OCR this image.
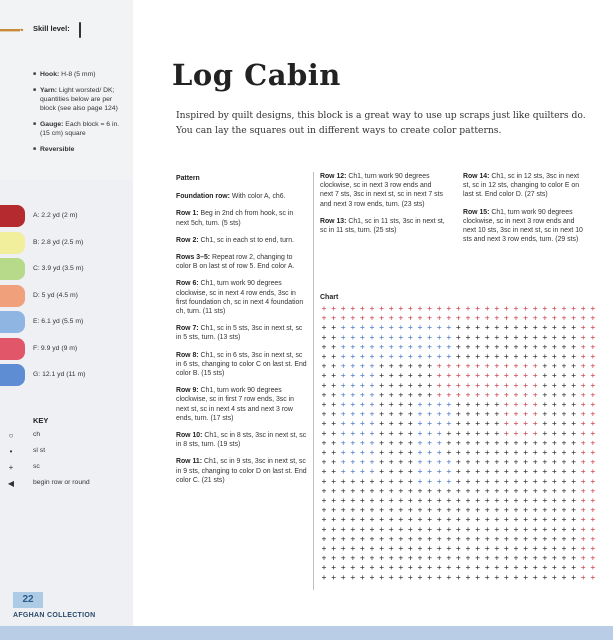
Skill level:
■ Hook: H-8 (5 mm)
■ Yarn: Light worsted/ DK; quantities below are per block (see also page 124)
■ Gauge: Each block = 6 in. (15 cm) square
■ Reversible
A: 2.2 yd (2 m)
B: 2.8 yd (2.5 m)
C: 3.9 yd (3.5 m)
D: 5 yd (4.5 m)
E: 6.1 yd (5.5 m)
F: 9.9 yd (9 m)
G: 12.1 yd (11 m)
KEY
○	ch
•	sl st
+	sc
◀	begin row or round
22
AFGHAN COLLECTION
Log Cabin
Inspired by quilt designs, this block is a great way to use up scraps just like quilters do. You can lay the squares out in different ways to create color patterns.

Pattern

Foundation row: With color A, ch6.

Row 1: Beg in 2nd ch from hook, sc in next 5ch, turn. (5 sts)

Row 2: Ch1, sc in each st to end, turn.

Rows 3–5: Repeat row 2, changing to color B on last st of row 5. End color A.

Row 6: Ch1, turn work 90 degrees clockwise, sc in next 4 row ends, 3sc in first foundation ch, sc in next 4 foundation ch, turn. (11 sts)

Row 7: Ch1, sc in 5 sts, 3sc in next st, sc in 5 sts, turn. (13 sts)

Row 8: Ch1, sc in 6 sts, 3sc in next st, sc in 6 sts, changing to color C on last st. End color B. (15 sts)

Row 9: Ch1, turn work 90 degrees clockwise, sc in first 7 row ends, 3sc in next st, sc in next 4 sts and next 3 row ends, turn. (17 sts)

Row 10: Ch1, sc in 8 sts, 3sc in next st, sc in 8 sts, turn. (19 sts)

Row 11: Ch1, sc in 9 sts, 3sc in next st, sc in 9 sts, changing to color D on last st. End color C. (21 sts)

Row 12: Ch1, turn work 90 degrees clockwise, sc in next 3 row ends and next 7 sts, 3sc in next st, sc in next 7 sts and next 3 row ends, turn. (23 sts)

Row 13: Ch1, sc in 11 sts, 3sc in next st, sc in 11 sts, turn. (25 sts)

Row 14: Ch1, sc in 12 sts, 3sc in next st, sc in 12 sts, changing to color E on last st. End color D. (27 sts)

Row 15: Ch1, turn work 90 degrees clockwise, sc in next 3 row ends and next 10 sts, 3sc in next st, sc in next 10 sts and next 3 row ends, turn. (29 sts)

Chart
+ + + + + + + + + + + + + + + + + + + + + + + + + + + + +
+ + + + + + + + + + + + + + + + + + + + + + + + + + + + +
+ + + + + + + + + + + + + + + + + + + + + + + + + + + + +
+ + + + + + + + + + + + + + + + + + + + + + + + + + + + +
+ + + + + + + + + + + + + + + + + + + + + + + + + + + + +
+ + + + + + + + + + + + + + + + + + + + + + + + + + + + +
+ + + + + + + + + + + + + + + + + + + + + + + + + + + + +
+ + + + + + + + + + + + + + + + + + + + + + + + + + + + +
+ + + + + + + + + + + + + + + + + + + + + + + + + + + + +
+ + + + + + + + + + + + + + + + + + + + + + + + + + + + +
+ + + + + + + + + + + + + + + + + + + + + + + + + + + + +
+ + + + + + + + + + + + + + + + + + + + + + + + + + + + +
+ + + + + + + + + + + + + + + + + + + + + + + + + + + + +
+ + + + + + + + + + + + + + + + + + + + + + + + + + + + +
+ + + + + + + + + + + + + + + + + + + + + + + + + + + + +
+ + + + + + + + + + + + + + + + + + + + + + + + + + + + +
+ + + + + + + + + + + + + + + + + + + + + + + + + + + + +
+ + + + + + + + + + + + + + + + + + + + + + + + + + + + +
+ + + + + + + + + + + + + + + + + + + + + + + + + + + + +
+ + + + + + + + + + + + + + + + + + + + + + + + + + + + +
+ + + + + + + + + + + + + + + + + + + + + + + + + + + + +
+ + + + + + + + + + + + + + + + + + + + + + + + + + + + +
+ + + + + + + + + + + + + + + + + + + + + + + + + + + + +
+ + + + + + + + + + + + + + + + + + + + + + + + + + + + +
+ + + + + + + + + + + + + + + + + + + + + + + + + + + + +
+ + + + + + + + + + + + + + + + + + + + + + + + + + + + +
+ + + + + + + + + + + + + + + + + + + + + + + + + + + + +
+ + + + + + + + + + + + + + + + + + + + + + + + + + + + +
+ + + + + + + + + + + + + + + + + + + + + + + + + + + + +
